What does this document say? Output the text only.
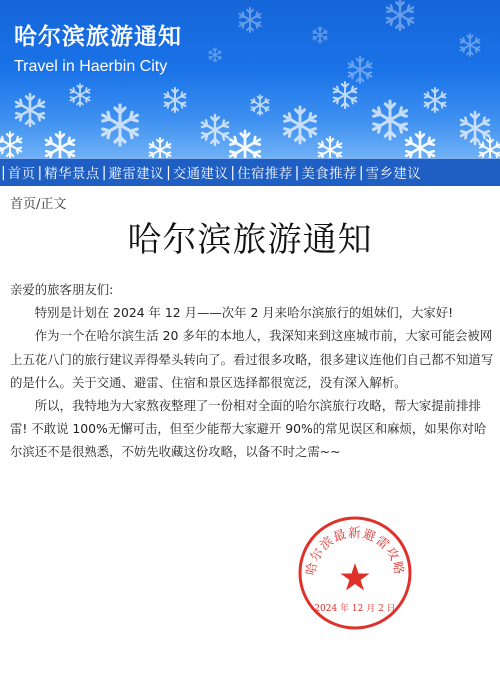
哈尔滨旅游通知
Travel in Haerbin City
| 首页 | 精华景点 | 避雷建议 | 交通建议 | 住宿推荐 | 美食推荐 | 雪乡建议
首页/正文
哈尔滨旅游通知

亲爱的旅客朋友们:

特别是计划在 2024 年 12 月——次年 2 月来哈尔滨旅行的姐妹们，大家好!

作为一个在哈尔滨生活 20 多年的本地人，我深知来到这座城市前，大家可能会被网上五花八门的旅行建议弄得晕头转向了。看过很多攻略，很多建议连他们自己都不知道写的是什么。关于交通、避雷、住宿和景区选择都很宽泛，没有深入解析。

所以，我特地为大家熬夜整理了一份相对全面的哈尔滨旅行攻略，帮大家提前排排雷! 不敢说 100%无懈可击，但至少能帮大家避开 90%的常见误区和麻烦，如果你对哈尔滨还不是很熟悉，不妨先收藏这份攻略，以备不时之需~~

哈尔滨最新避雷攻略
2024 年 12 月 2 日
